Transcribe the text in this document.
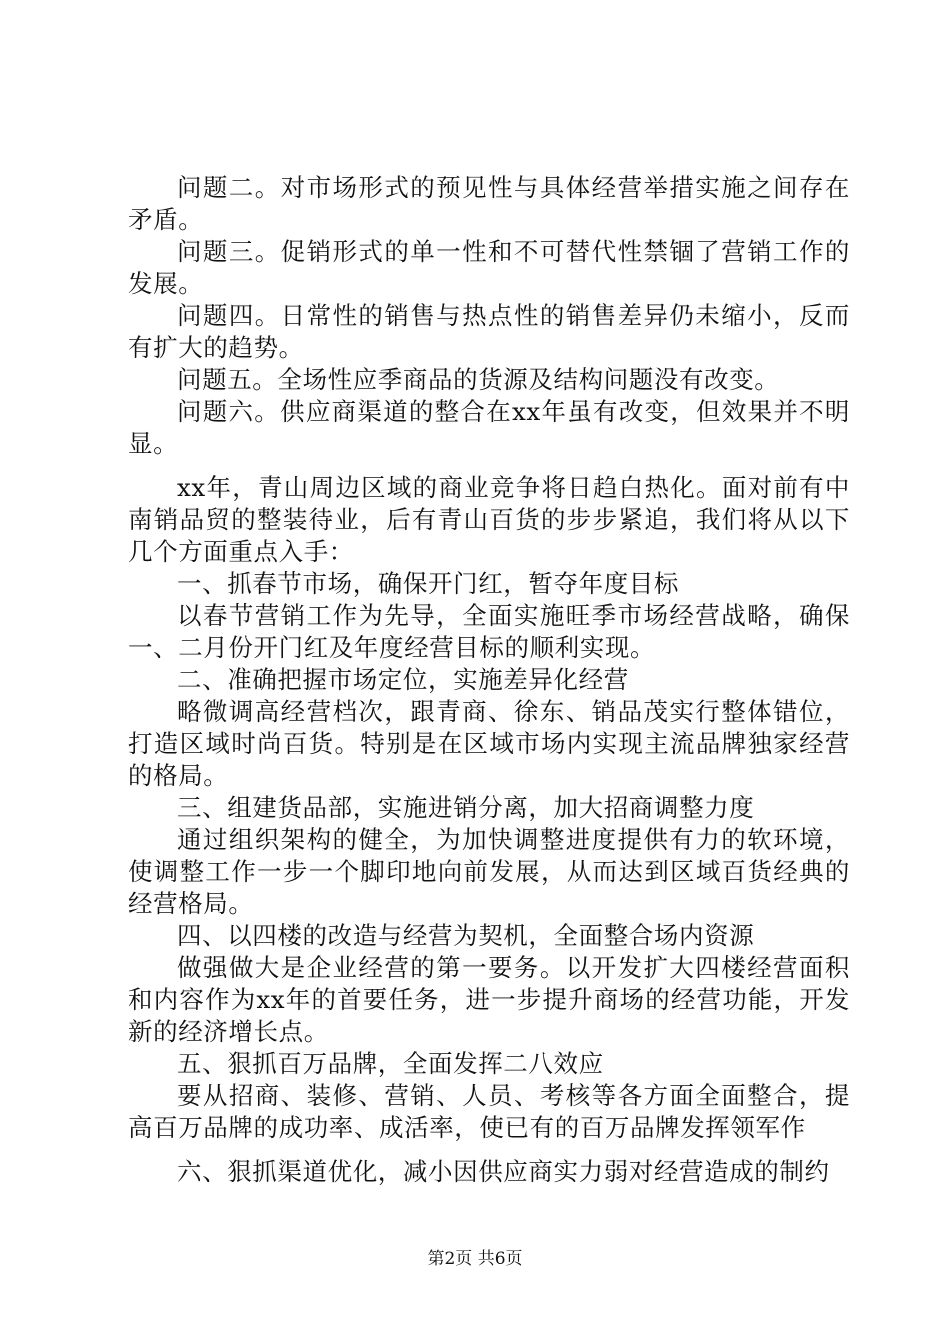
问题二。对市场形式的预见性与具体经营举措实施之间存在矛盾。

问题三。促销形式的单一性和不可替代性禁锢了营销工作的发展。

问题四。日常性的销售与热点性的销售差异仍未缩小，反而有扩大的趋势。

问题五。全场性应季商品的货源及结构问题没有改变。

问题六。供应商渠道的整合在xx年虽有改变，但效果并不明显。

xx年，青山周边区域的商业竞争将日趋白热化。面对前有中南销品贸的整装待业，后有青山百货的步步紧追，我们将从以下几个方面重点入手：

一、抓春节市场，确保开门红，暂夺年度目标

以春节营销工作为先导，全面实施旺季市场经营战略，确保一、二月份开门红及年度经营目标的顺利实现。

二、准确把握市场定位，实施差异化经营

略微调高经营档次，跟青商、徐东、销品茂实行整体错位，打造区域时尚百货。特别是在区域市场内实现主流品牌独家经营的格局。

三、组建货品部，实施进销分离，加大招商调整力度

通过组织架构的健全，为加快调整进度提供有力的软环境，使调整工作一步一个脚印地向前发展，从而达到区域百货经典的经营格局。

四、以四楼的改造与经营为契机，全面整合场内资源

做强做大是企业经营的第一要务。以开发扩大四楼经营面积和内容作为xx年的首要任务，进一步提升商场的经营功能，开发新的经济增长点。

五、狠抓百万品牌，全面发挥二八效应

要从招商、装修、营销、人员、考核等各方面全面整合，提高百万品牌的成功率、成活率，使已有的百万品牌发挥领军作

六、狠抓渠道优化，减小因供应商实力弱对经营造成的制约

第2页 共6页
